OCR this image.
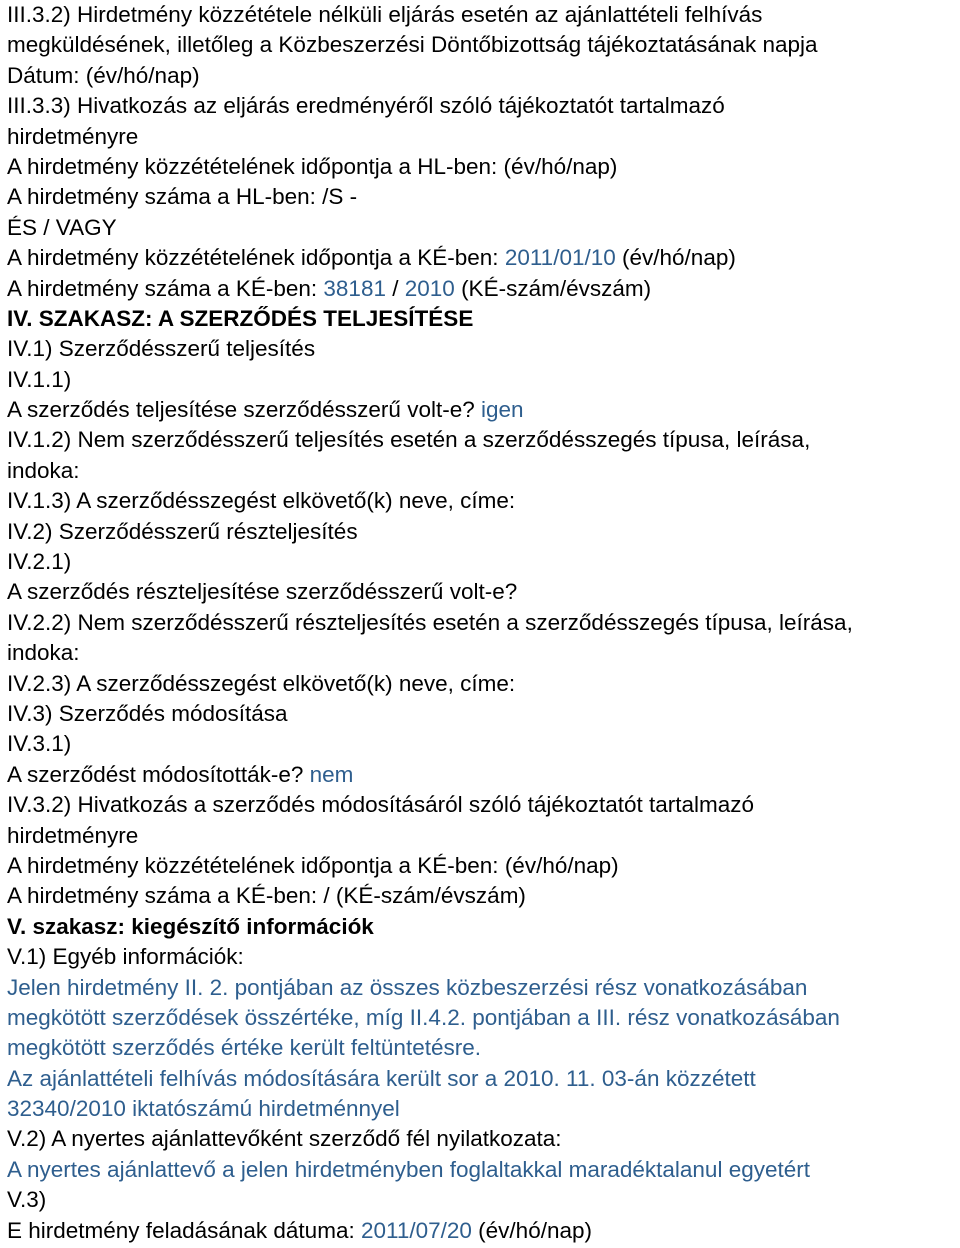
III.3.2) Hirdetmény közzététele nélküli eljárás esetén az ajánlattételi felhívás
megküldésének, illetőleg a Közbeszerzési Döntőbizottság tájékoztatásának napja
Dátum: (év/hó/nap)
III.3.3) Hivatkozás az eljárás eredményéről szóló tájékoztatót tartalmazó
hirdetményre
A hirdetmény közzétételének időpontja a HL-ben: (év/hó/nap)
A hirdetmény száma a HL-ben: /S -
ÉS / VAGY
A hirdetmény közzétételének időpontja a KÉ-ben: 2011/01/10 (év/hó/nap)
A hirdetmény száma a KÉ-ben: 38181 / 2010 (KÉ-szám/évszám)
IV. SZAKASZ: A SZERZŐDÉS TELJESÍTÉSE
IV.1) Szerződésszerű teljesítés
IV.1.1)
A szerződés teljesítése szerződésszerű volt-e? igen
IV.1.2) Nem szerződésszerű teljesítés esetén a szerződésszegés típusa, leírása,
indoka:
IV.1.3) A szerződésszegést elkövető(k) neve, címe:
IV.2) Szerződésszerű részteljesítés
IV.2.1)
A szerződés részteljesítése szerződésszerű volt-e?
IV.2.2) Nem szerződésszerű részteljesítés esetén a szerződésszegés típusa, leírása,
indoka:
IV.2.3) A szerződésszegést elkövető(k) neve, címe:
IV.3) Szerződés módosítása
IV.3.1)
A szerződést módosították-e? nem
IV.3.2) Hivatkozás a szerződés módosításáról szóló tájékoztatót tartalmazó
hirdetményre
A hirdetmény közzétételének időpontja a KÉ-ben: (év/hó/nap)
A hirdetmény száma a KÉ-ben: / (KÉ-szám/évszám)
V. szakasz: kiegészítő információk
V.1) Egyéb információk:
Jelen hirdetmény II. 2. pontjában az összes közbeszerzési rész vonatkozásában
megkötött szerződések összértéke, míg II.4.2. pontjában a III. rész vonatkozásában
megkötött szerződés értéke került feltüntetésre.
Az ajánlattételi felhívás módosítására került sor a 2010. 11. 03-án közzétett
32340/2010 iktatószámú hirdetménnyel
V.2) A nyertes ajánlattevőként szerződő fél nyilatkozata:
A nyertes ajánlattevő a jelen hirdetményben foglaltakkal maradéktalanul egyetért
V.3)
E hirdetmény feladásának dátuma: 2011/07/20 (év/hó/nap)
